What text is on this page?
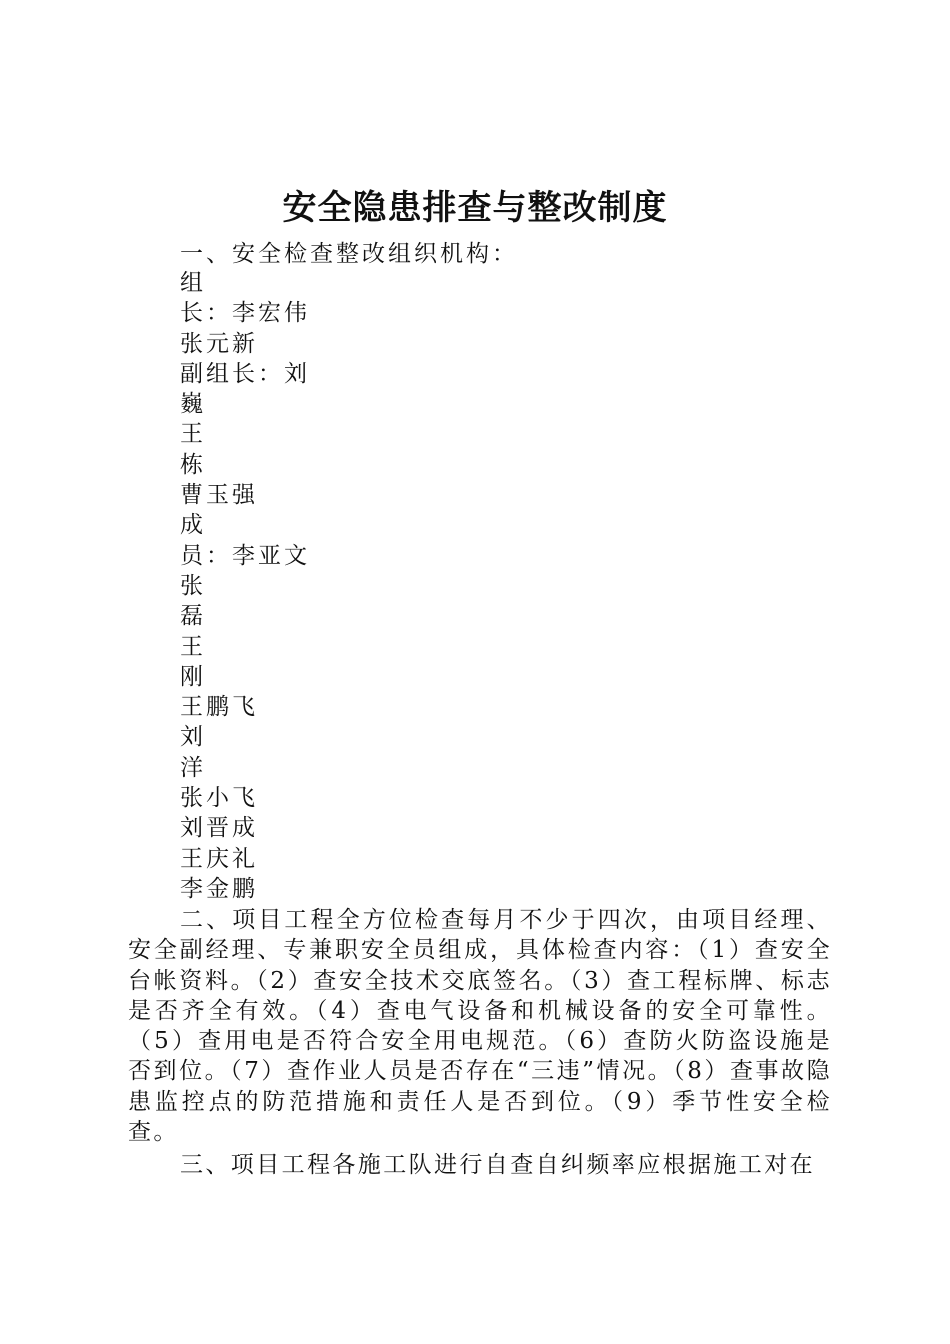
安全隐患排查与整改制度

一、安全检查整改组织机构：

组
长：李宏伟
张元新
副组长：刘
巍
王
栋
曹玉强
成
员：李亚文
张
磊
王
刚
王鹏飞
刘
洋
张小飞
刘晋成
王庆礼
李金鹏

二、项目工程全方位检查每月不少于四次，由项目经理、安全副经理、专兼职安全员组成，具体检查内容：（1）查安全台帐资料。（2）查安全技术交底签名。（3）查工程标牌、标志是否齐全有效。（4）查电气设备和机械设备的安全可靠性。（5）查用电是否符合安全用电规范。（6）查防火防盗设施是否到位。（7）查作业人员是否存在“三违”情况。（8）查事故隐患监控点的防范措施和责任人是否到位。（9）季节性安全检查。

三、项目工程各施工队进行自查自纠频率应根据施工对在
